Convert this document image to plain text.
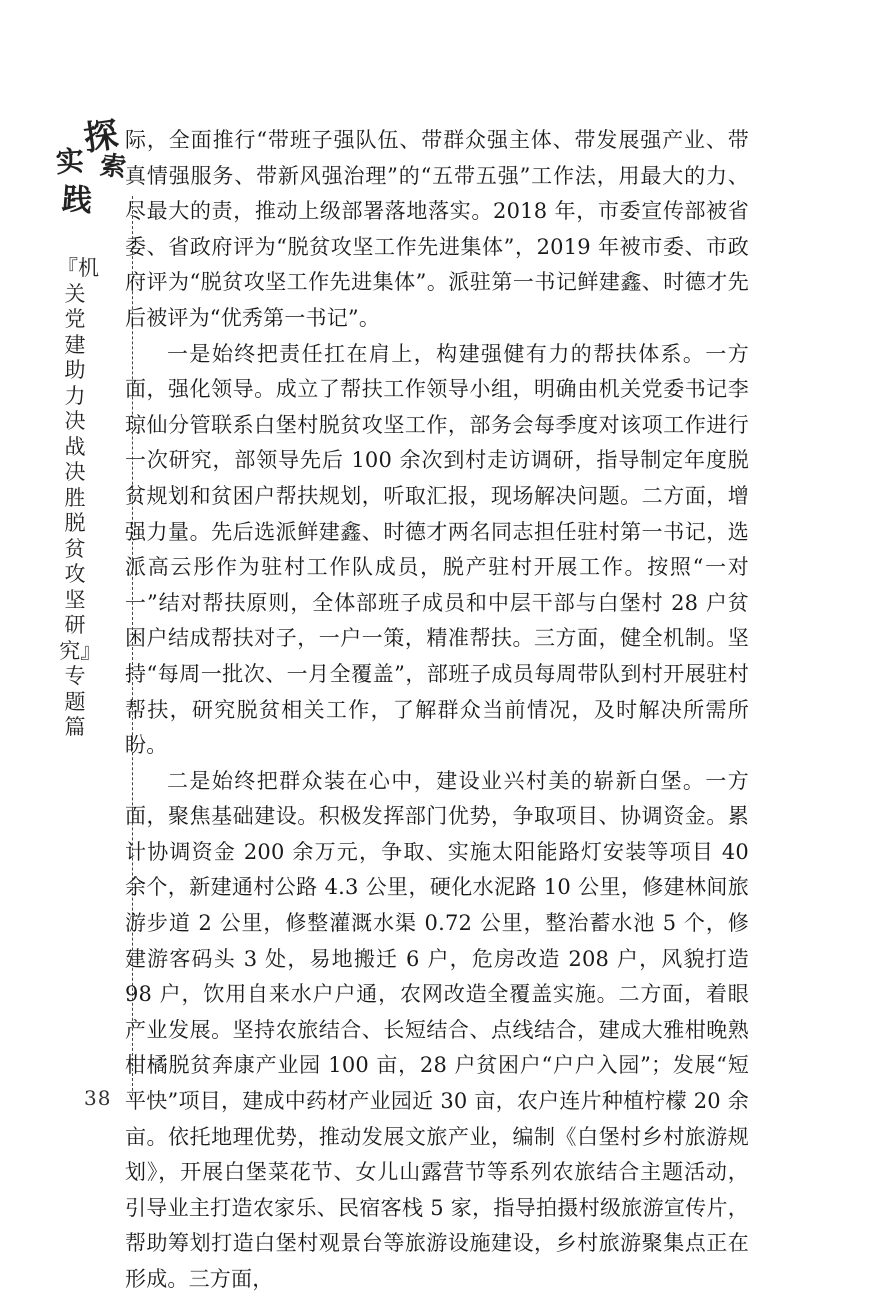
探
索
实
践
『机关党建助力决战决胜脱贫攻坚研究』专题篇
38

际，全面推行“带班子强队伍、带群众强主体、带发展强产业、带真情强服务、带新风强治理”的“五带五强”工作法，用最大的力、尽最大的责，推动上级部署落地落实。2018 年，市委宣传部被省委、省政府评为“脱贫攻坚工作先进集体”，2019 年被市委、市政府评为“脱贫攻坚工作先进集体”。派驻第一书记鲜建鑫、时德才先后被评为“优秀第一书记”。

一是始终把责任扛在肩上，构建强健有力的帮扶体系。一方面，强化领导。成立了帮扶工作领导小组，明确由机关党委书记李琼仙分管联系白堡村脱贫攻坚工作，部务会每季度对该项工作进行一次研究，部领导先后 100 余次到村走访调研，指导制定年度脱贫规划和贫困户帮扶规划，听取汇报，现场解决问题。二方面，增强力量。先后选派鲜建鑫、时德才两名同志担任驻村第一书记，选派高云彤作为驻村工作队成员，脱产驻村开展工作。按照“一对一”结对帮扶原则，全体部班子成员和中层干部与白堡村 28 户贫困户结成帮扶对子，一户一策，精准帮扶。三方面，健全机制。坚持“每周一批次、一月全覆盖”，部班子成员每周带队到村开展驻村帮扶，研究脱贫相关工作，了解群众当前情况，及时解决所需所盼。

二是始终把群众装在心中，建设业兴村美的崭新白堡。一方面，聚焦基础建设。积极发挥部门优势，争取项目、协调资金。累计协调资金 200 余万元，争取、实施太阳能路灯安装等项目 40 余个，新建通村公路 4.3 公里，硬化水泥路 10 公里，修建林间旅游步道 2 公里，修整灌溉水渠 0.72 公里，整治蓄水池 5 个，修建游客码头 3 处，易地搬迁 6 户，危房改造 208 户，风貌打造 98 户，饮用自来水户户通，农网改造全覆盖实施。二方面，着眼产业发展。坚持农旅结合、长短结合、点线结合，建成大雅柑晚熟柑橘脱贫奔康产业园 100 亩，28 户贫困户“户户入园”；发展“短平快”项目，建成中药材产业园近 30 亩，农户连片种植柠檬 20 余亩。依托地理优势，推动发展文旅产业，编制《白堡村乡村旅游规划》，开展白堡菜花节、女儿山露营节等系列农旅结合主题活动，引导业主打造农家乐、民宿客栈 5 家，指导拍摄村级旅游宣传片，帮助筹划打造白堡村观景台等旅游设施建设，乡村旅游聚集点正在形成。三方面，
